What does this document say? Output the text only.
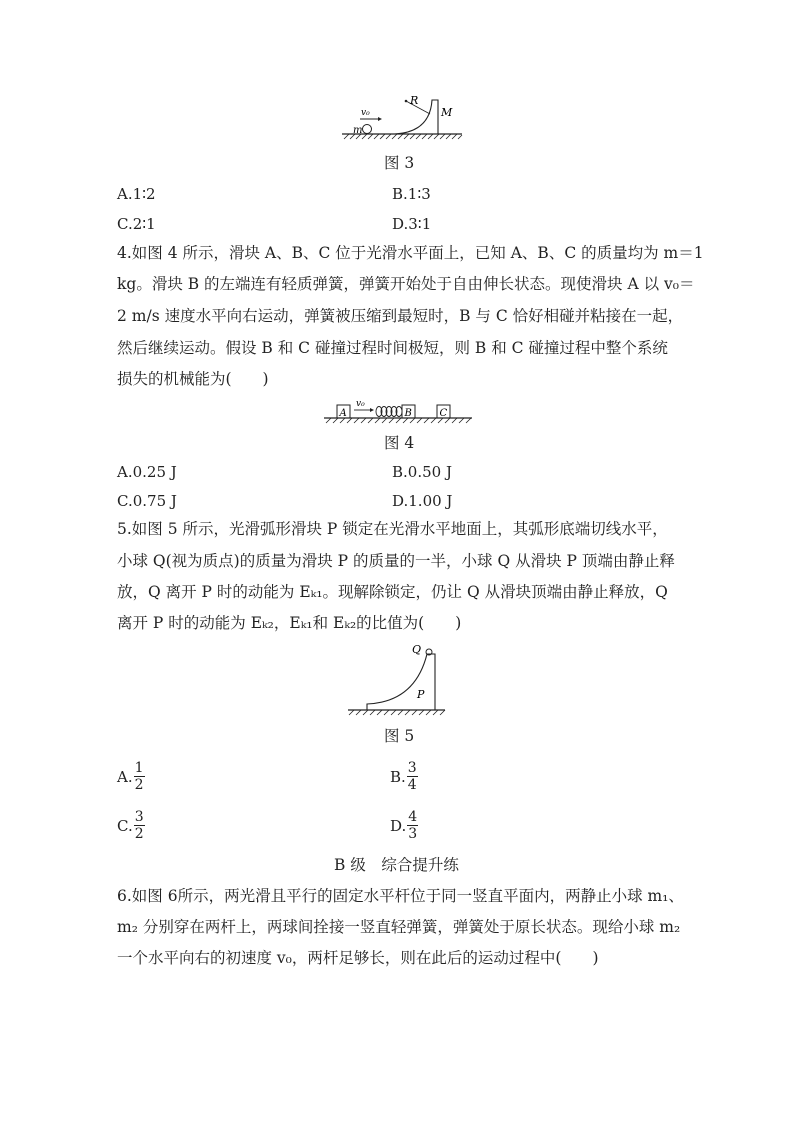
v₀
m
R
M
图 3
A.1∶2	B.1∶3
C.2∶1	D.3∶1
4.如图 4 所示，滑块 A、B、C 位于光滑水平面上，已知 A、B、C 的质量均为 m＝1
kg。滑块 B 的左端连有轻质弹簧，弹簧开始处于自由伸长状态。现使滑块 A 以 v₀＝
2 m/s 速度水平向右运动，弹簧被压缩到最短时，B 与 C 恰好相碰并粘接在一起，
然后继续运动。假设 B 和 C 碰撞过程时间极短，则 B 和 C 碰撞过程中整个系统
损失的机械能为(　　)
A
v₀
B	C
图 4
A.0.25 J	B.0.50 J
C.0.75 J	D.1.00 J
5.如图 5 所示，光滑弧形滑块 P 锁定在光滑水平地面上，其弧形底端切线水平，
小球 Q(视为质点)的质量为滑块 P 的质量的一半，小球 Q 从滑块 P 顶端由静止释
放，Q 离开 P 时的动能为 Eₖ₁。现解除锁定，仍让 Q 从滑块顶端由静止释放，Q
离开 P 时的动能为 Eₖ₂，Eₖ₁和 Eₖ₂的比值为(　　)
Q
P
图 5
A. $\frac{1}{2}$	B. $\frac{3}{4}$
C. $\frac{3}{2}$	D. $\frac{4}{3}$
B 级　综合提升练
6.如图 6所示，两光滑且平行的固定水平杆位于同一竖直平面内，两静止小球 m₁、
m₂ 分别穿在两杆上，两球间拴接一竖直轻弹簧，弹簧处于原长状态。现给小球 m₂
一个水平向右的初速度 v₀，两杆足够长，则在此后的运动过程中(　　)
